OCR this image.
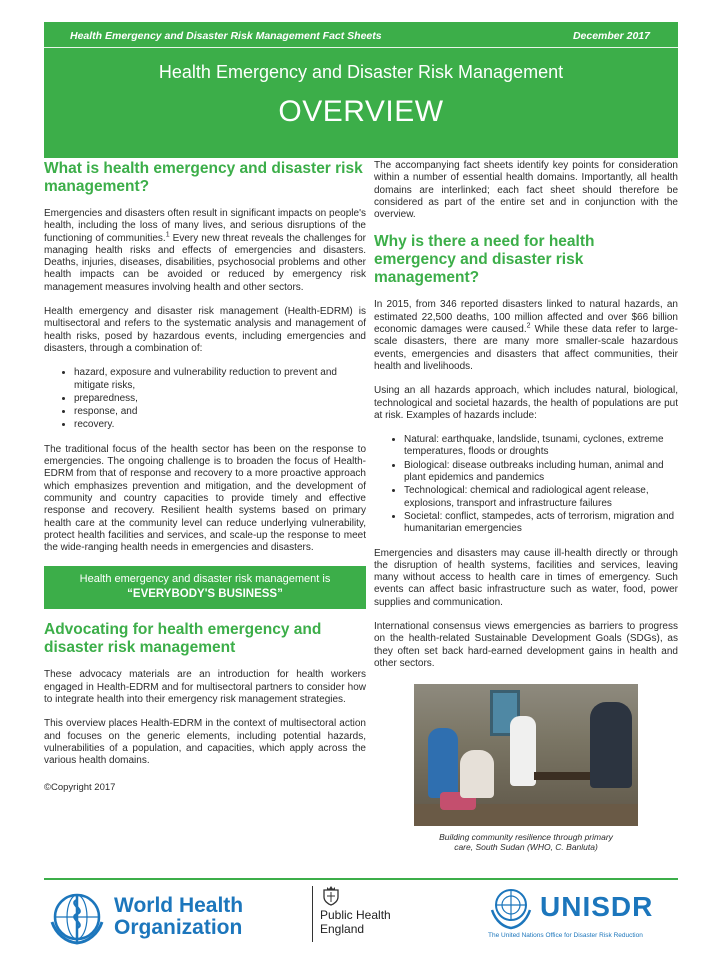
Health Emergency and Disaster Risk Management Fact Sheets	December 2017
Health Emergency and Disaster Risk Management
OVERVIEW
What is health emergency and disaster risk management?

Emergencies and disasters often result in significant impacts on people's health, including the loss of many lives, and serious disruptions of the functioning of communities.$^1$ Every new threat reveals the challenges for managing health risks and effects of emergencies and disasters. Deaths, injuries, diseases, disabilities, psychosocial problems and other health impacts can be avoided or reduced by emergency risk management measures involving health and other sectors.

Health emergency and disaster risk management (Health-EDRM) is multisectoral and refers to the systematic analysis and management of health risks, posed by hazardous events, including emergencies and disasters, through a combination of:

• hazard, exposure and vulnerability reduction to prevent and mitigate risks,
• preparedness,
• response, and
• recovery.

The traditional focus of the health sector has been on the response to emergencies. The ongoing challenge is to broaden the focus of Health-EDRM from that of response and recovery to a more proactive approach which emphasizes prevention and mitigation, and the development of community and country capacities to provide timely and effective response and recovery. Resilient health systems based on primary health care at the community level can reduce underlying vulnerability, protect health facilities and services, and scale-up the response to meet the wide-ranging health needs in emergencies and disasters.

Health emergency and disaster risk management is
“EVERYBODY'S BUSINESS”
Advocating for health emergency and disaster risk management

These advocacy materials are an introduction for health workers engaged in Health-EDRM and for multisectoral partners to consider how to integrate health into their emergency risk management strategies.

This overview places Health-EDRM in the context of multisectoral action and focuses on the generic elements, including potential hazards, vulnerabilities of a population, and capacities, which apply across the various health domains.

©Copyright 2017

The accompanying fact sheets identify key points for consideration within a number of essential health domains. Importantly, all health domains are interlinked; each fact sheet should therefore be considered as part of the entire set and in conjunction with the overview.

Why is there a need for health emergency and disaster risk management?

In 2015, from 346 reported disasters linked to natural hazards, an estimated 22,500 deaths, 100 million affected and over $66 billion economic damages were caused.$^2$ While these data refer to large-scale disasters, there are many more smaller-scale hazardous events, emergencies and disasters that affect communities, their health and livelihoods.

Using an all hazards approach, which includes natural, biological, technological and societal hazards, the health of populations are put at risk. Examples of hazards include:

• Natural: earthquake, landslide, tsunami, cyclones, extreme temperatures, floods or droughts
• Biological: disease outbreaks including human, animal and plant epidemics and pandemics
• Technological: chemical and radiological agent release, explosions, transport and infrastructure failures
• Societal: conflict, stampedes, acts of terrorism, migration and humanitarian emergencies

Emergencies and disasters may cause ill-health directly or through the disruption of health systems, facilities and services, leaving many without access to health care in times of emergency. Such events can affect basic infrastructure such as water, food, power supplies and communication.

International consensus views emergencies as barriers to progress on the health-related Sustainable Development Goals (SDGs), as they often set back hard-earned development gains in health and other sectors.

Building community resilience through primary
care, South Sudan (WHO, C. Banluta)
World Health
Organization
Public Health
England
UNISDR
The United Nations Office for Disaster Risk Reduction
